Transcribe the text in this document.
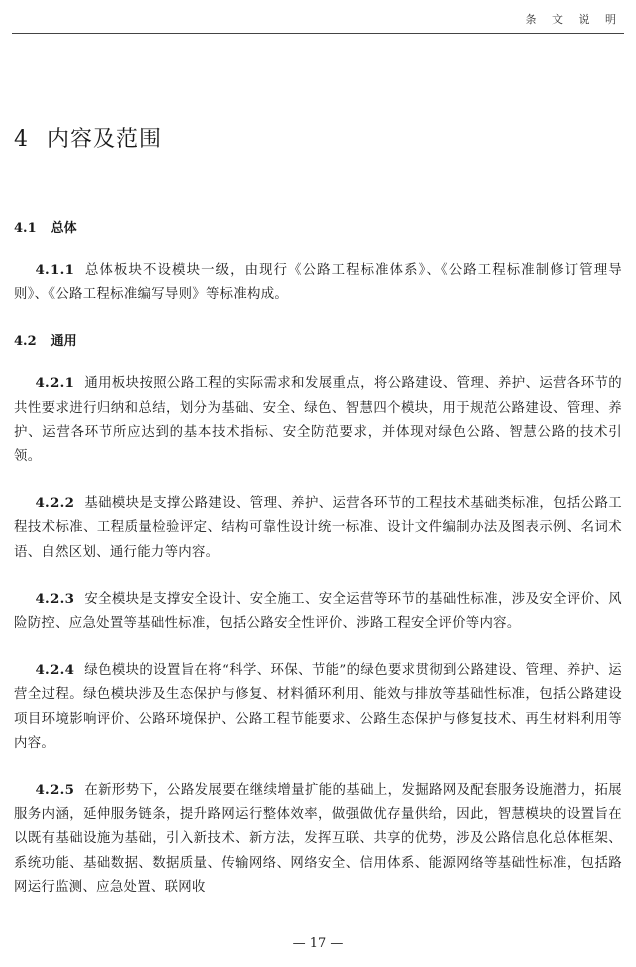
条 文 说 明
4 内容及范围
4.1 总体

4.1.1 总体板块不设模块一级，由现行《公路工程标准体系》、《公路工程标准制修订管理导则》、《公路工程标准编写导则》等标准构成。

4.2 通用

4.2.1 通用板块按照公路工程的实际需求和发展重点，将公路建设、管理、养护、运营各环节的共性要求进行归纳和总结，划分为基础、安全、绿色、智慧四个模块，用于规范公路建设、管理、养护、运营各环节所应达到的基本技术指标、安全防范要求，并体现对绿色公路、智慧公路的技术引领。

4.2.2 基础模块是支撑公路建设、管理、养护、运营各环节的工程技术基础类标准，包括公路工程技术标准、工程质量检验评定、结构可靠性设计统一标准、设计文件编制办法及图表示例、名词术语、自然区划、通行能力等内容。

4.2.3 安全模块是支撑安全设计、安全施工、安全运营等环节的基础性标准，涉及安全评价、风险防控、应急处置等基础性标准，包括公路安全性评价、涉路工程安全评价等内容。

4.2.4 绿色模块的设置旨在将“科学、环保、节能”的绿色要求贯彻到公路建设、管理、养护、运营全过程。绿色模块涉及生态保护与修复、材料循环利用、能效与排放等基础性标准，包括公路建设项目环境影响评价、公路环境保护、公路工程节能要求、公路生态保护与修复技术、再生材料利用等内容。

4.2.5 在新形势下，公路发展要在继续增量扩能的基础上，发掘路网及配套服务设施潜力，拓展服务内涵，延伸服务链条，提升路网运行整体效率，做强做优存量供给，因此，智慧模块的设置旨在以既有基础设施为基础，引入新技术、新方法，发挥互联、共享的优势，涉及公路信息化总体框架、系统功能、基础数据、数据质量、传输网络、网络安全、信用体系、能源网络等基础性标准，包括路网运行监测、应急处置、联网收

— 17 —
